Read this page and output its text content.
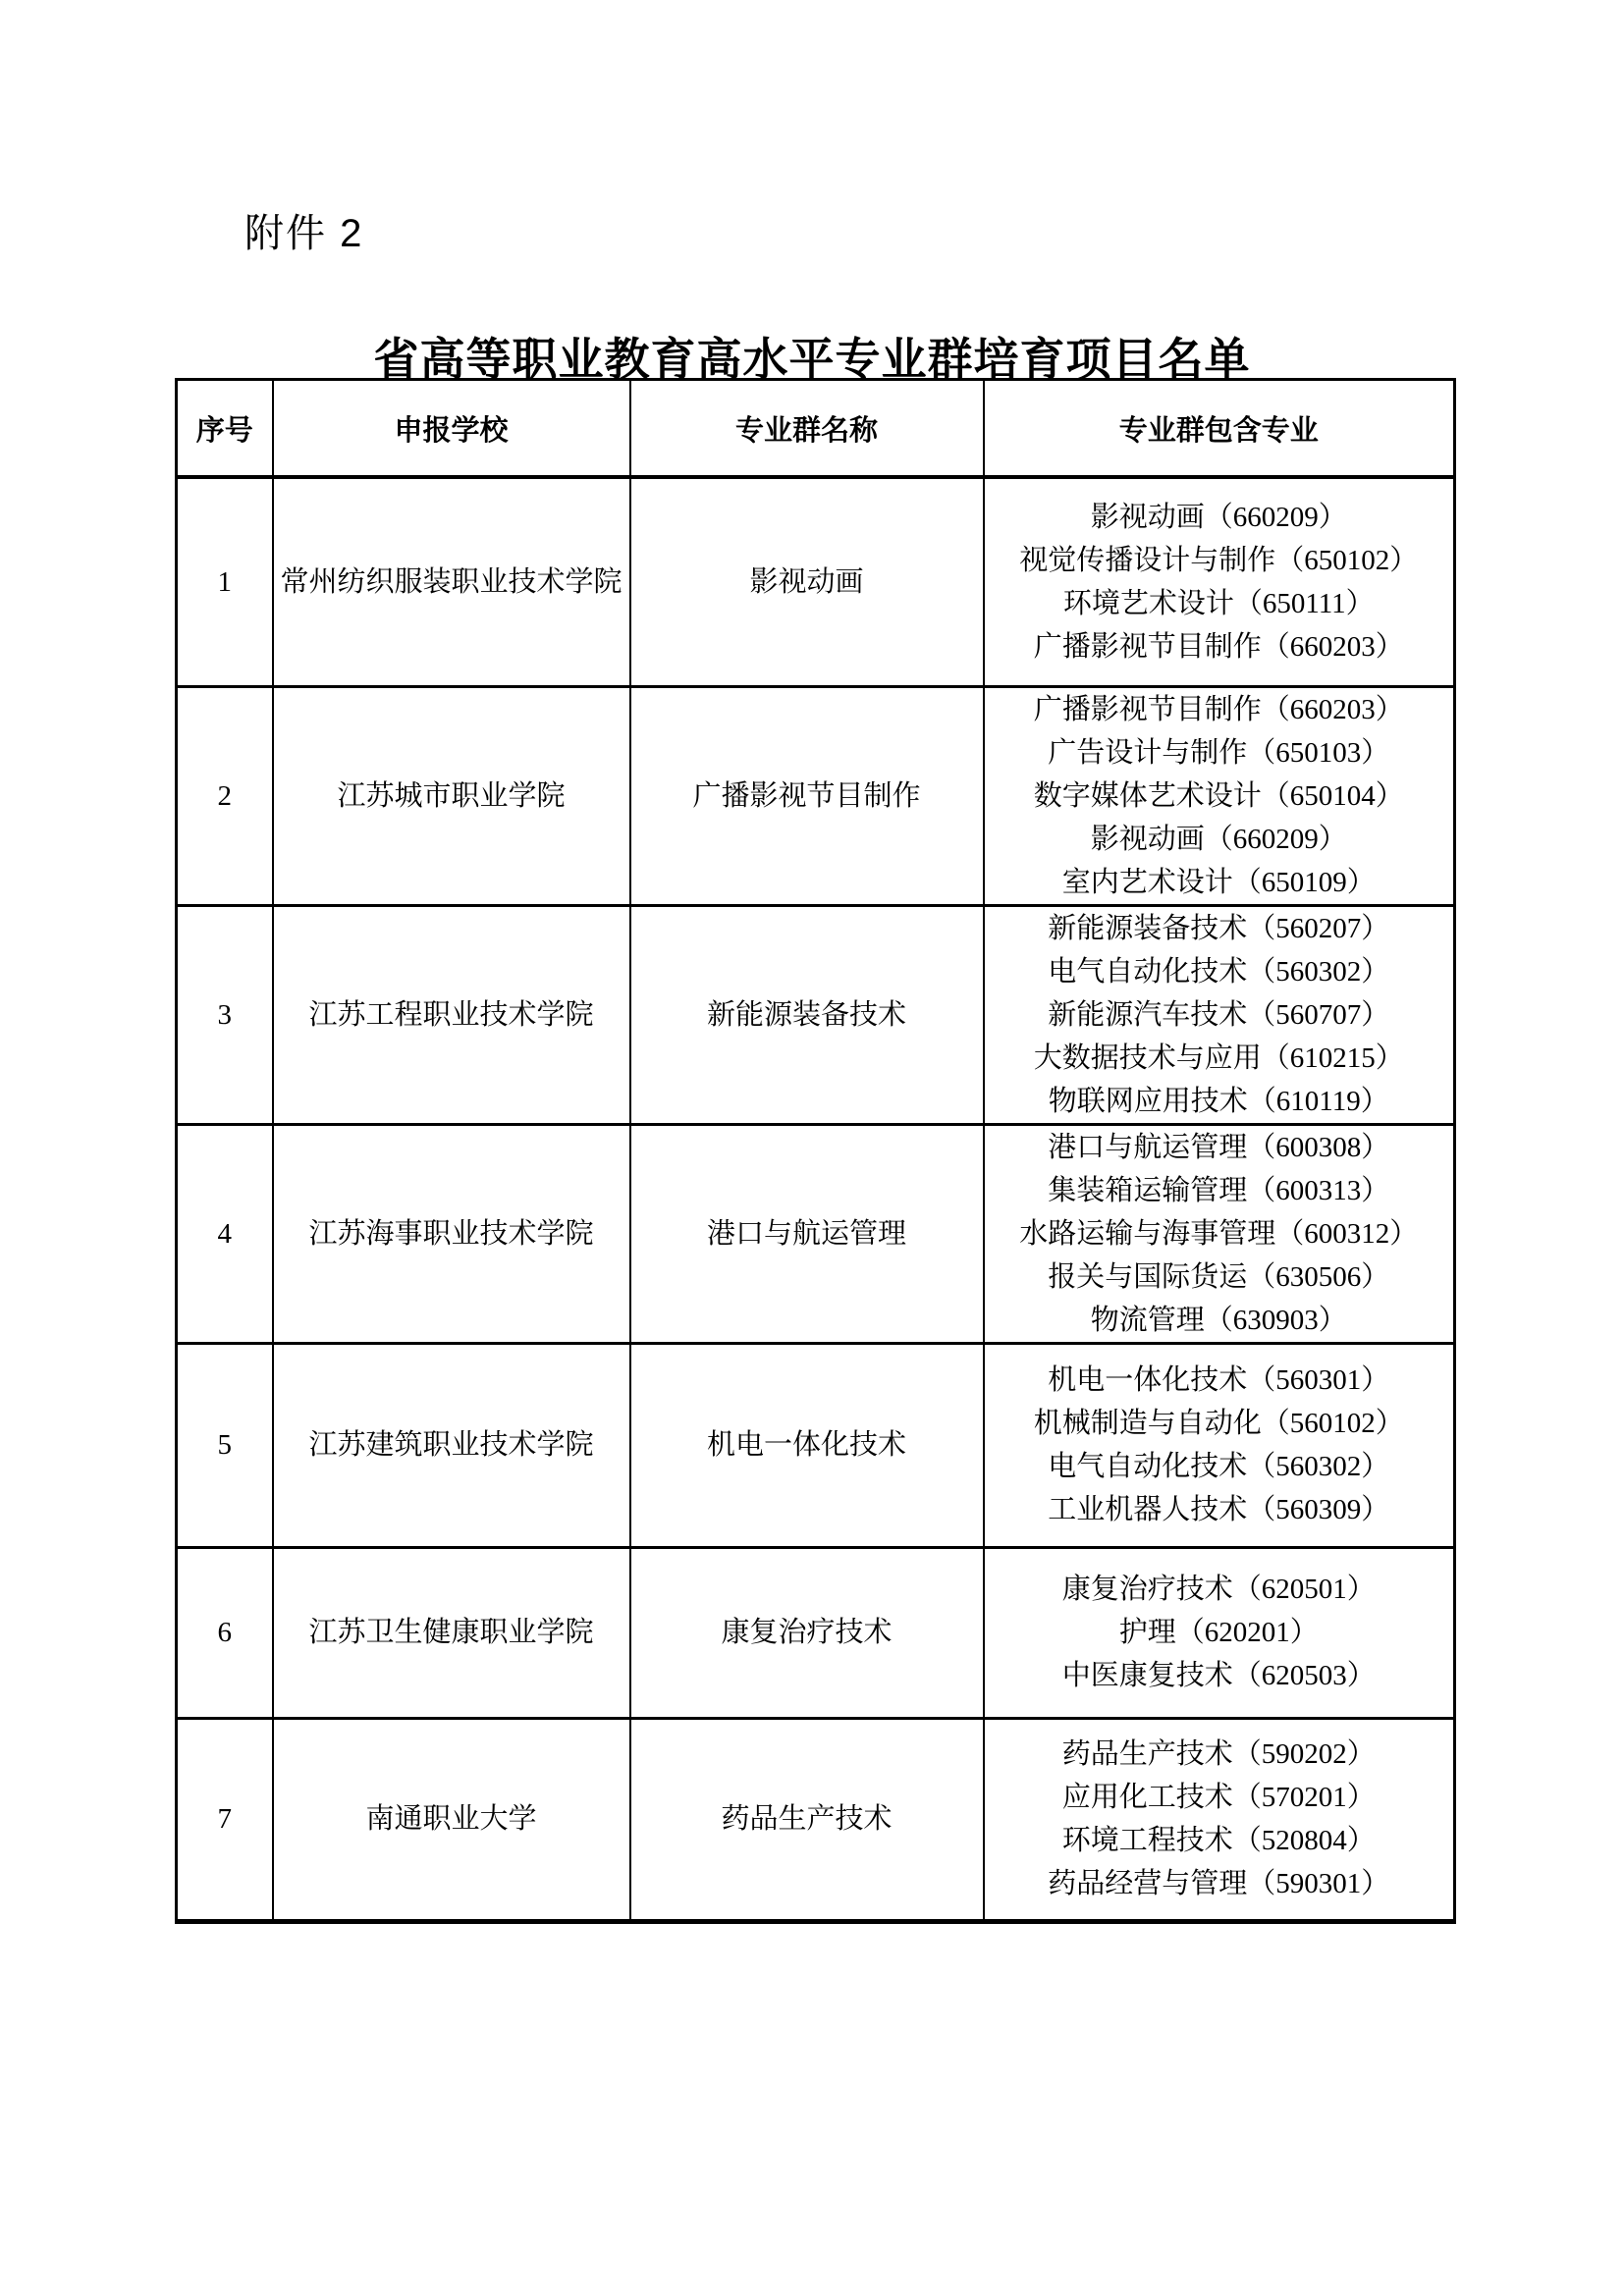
附件 2
省高等职业教育高水平专业群培育项目名单
序号	申报学校	专业群名称	专业群包含专业
1	常州纺织服装职业技术学院	影视动画	影视动画（660209）
视觉传播设计与制作（650102）
环境艺术设计（650111）
广播影视节目制作（660203）

2	江苏城市职业学院	广播影视节目制作	广播影视节目制作（660203）
广告设计与制作（650103）
数字媒体艺术设计（650104）
影视动画（660209）
室内艺术设计（650109）

3	江苏工程职业技术学院	新能源装备技术	新能源装备技术（560207）
电气自动化技术（560302）
新能源汽车技术（560707）
大数据技术与应用（610215）
物联网应用技术（610119）

4	江苏海事职业技术学院	港口与航运管理	港口与航运管理（600308）
集装箱运输管理（600313）
水路运输与海事管理（600312）
报关与国际货运（630506）
物流管理（630903）

5	江苏建筑职业技术学院	机电一体化技术	机电一体化技术（560301）
机械制造与自动化（560102）
电气自动化技术（560302）
工业机器人技术（560309）

6	江苏卫生健康职业学院	康复治疗技术	康复治疗技术（620501）
护理（620201）
中医康复技术（620503）

7	南通职业大学	药品生产技术	药品生产技术（590202）
应用化工技术（570201）
环境工程技术（520804）
药品经营与管理（590301）
